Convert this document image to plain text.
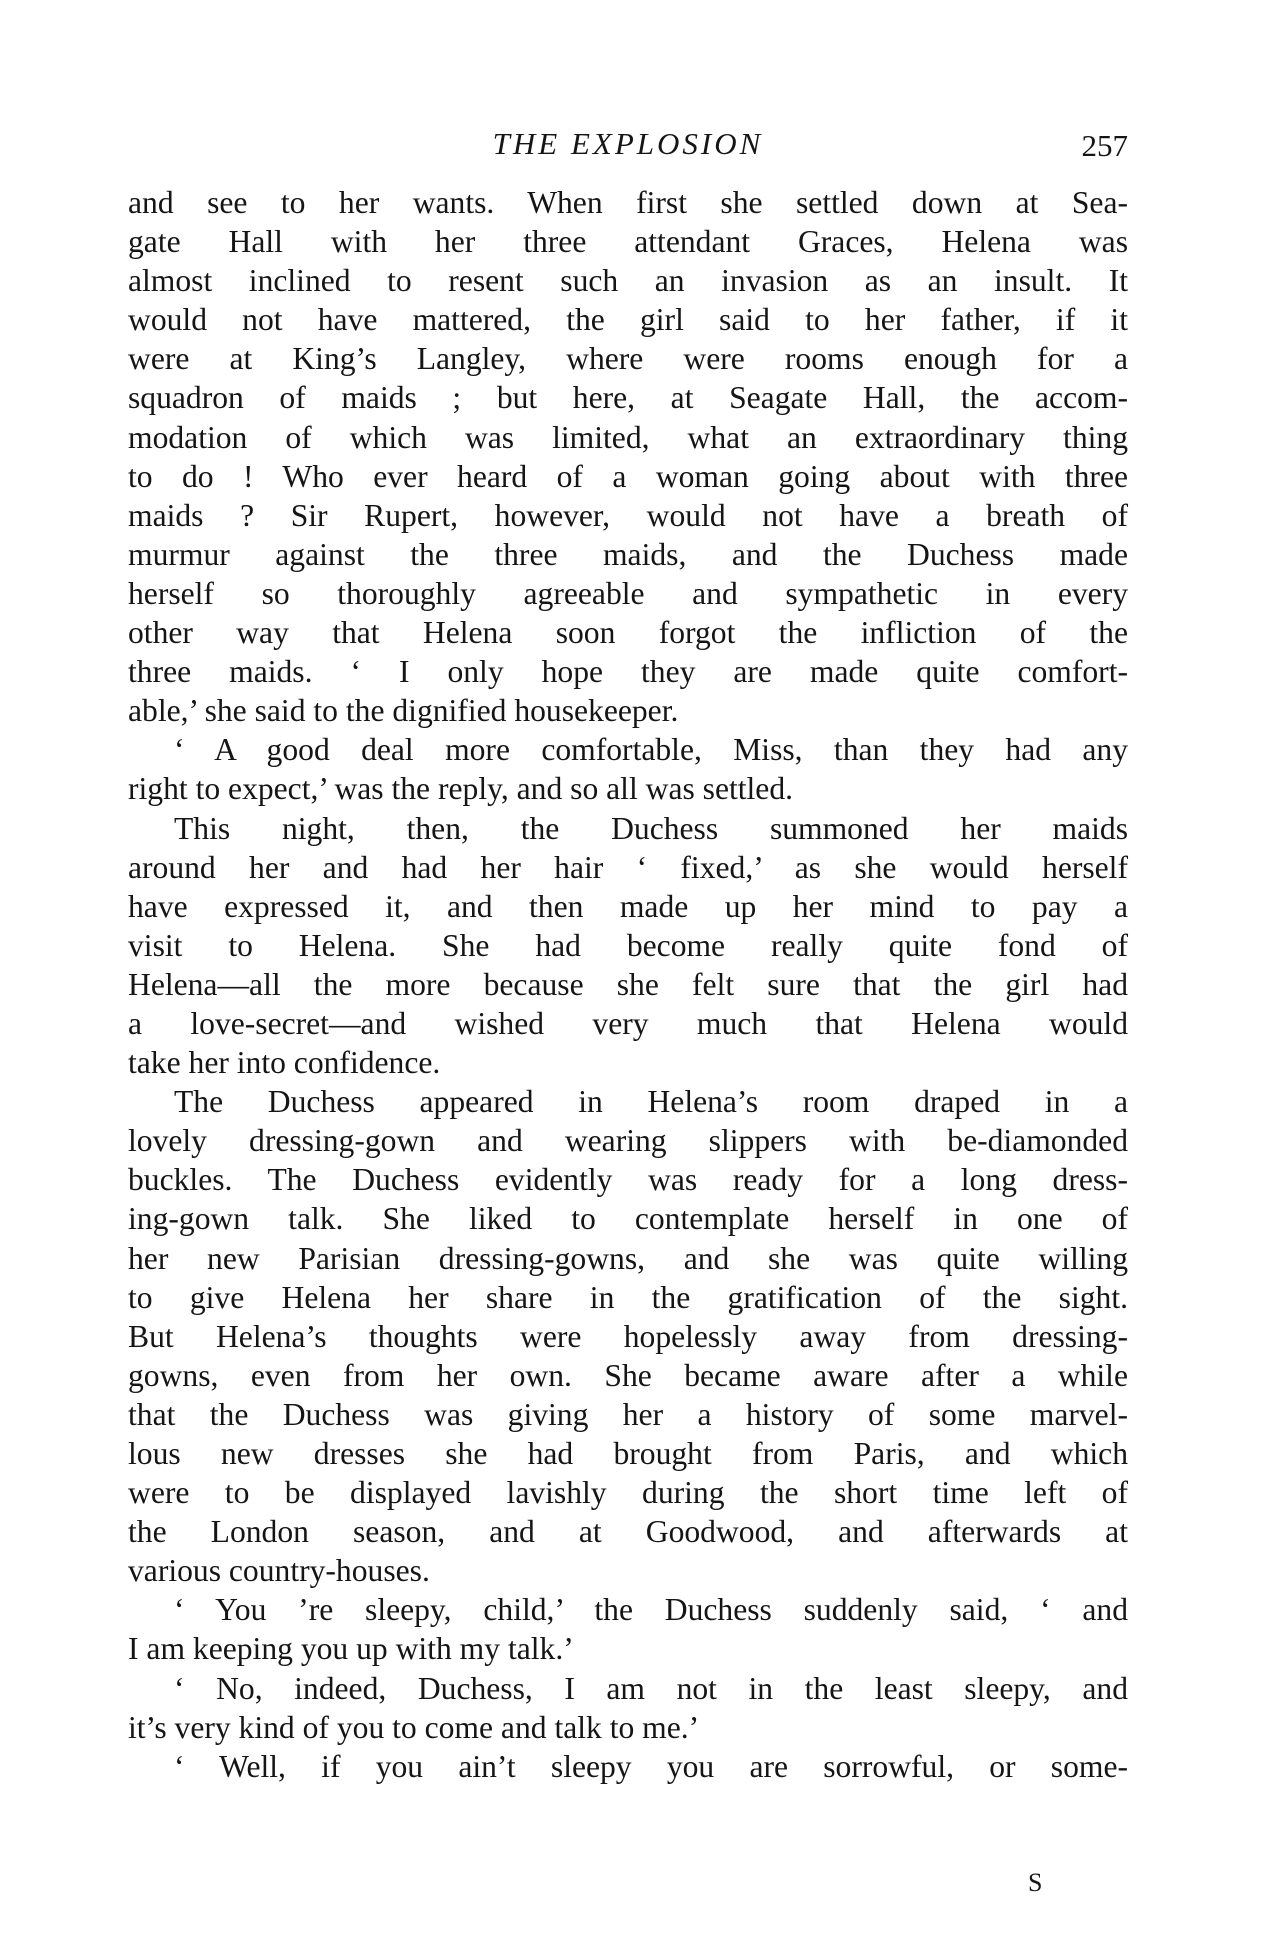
THE EXPLOSION	257
and see to her wants. When first she settled down at Sea-
gate Hall with her three attendant Graces, Helena was
almost inclined to resent such an invasion as an insult. It
would not have mattered, the girl said to her father, if it
were at King’s Langley, where were rooms enough for a
squadron of maids ; but here, at Seagate Hall, the accom-
modation of which was limited, what an extraordinary thing
to do ! Who ever heard of a woman going about with three
maids ? Sir Rupert, however, would not have a breath of
murmur against the three maids, and the Duchess made
herself so thoroughly agreeable and sympathetic in every
other way that Helena soon forgot the infliction of the
three maids. ‘ I only hope they are made quite comfort-
able,’ she said to the dignified housekeeper.
‘ A good deal more comfortable, Miss, than they had any
right to expect,’ was the reply, and so all was settled.
This night, then, the Duchess summoned her maids
around her and had her hair ‘ fixed,’ as she would herself
have expressed it, and then made up her mind to pay a
visit to Helena. She had become really quite fond of
Helena—all the more because she felt sure that the girl had
a love-secret—and wished very much that Helena would
take her into confidence.
The Duchess appeared in Helena’s room draped in a
lovely dressing-gown and wearing slippers with be-diamonded
buckles. The Duchess evidently was ready for a long dress-
ing-gown talk. She liked to contemplate herself in one of
her new Parisian dressing-gowns, and she was quite willing
to give Helena her share in the gratification of the sight.
But Helena’s thoughts were hopelessly away from dressing-
gowns, even from her own. She became aware after a while
that the Duchess was giving her a history of some marvel-
lous new dresses she had brought from Paris, and which
were to be displayed lavishly during the short time left of
the London season, and at Goodwood, and afterwards at
various country-houses.
‘ You ’re sleepy, child,’ the Duchess suddenly said, ‘ and
I am keeping you up with my talk.’
‘ No, indeed, Duchess, I am not in the least sleepy, and
it’s very kind of you to come and talk to me.’
‘ Well, if you ain’t sleepy you are sorrowful, or some-
S
